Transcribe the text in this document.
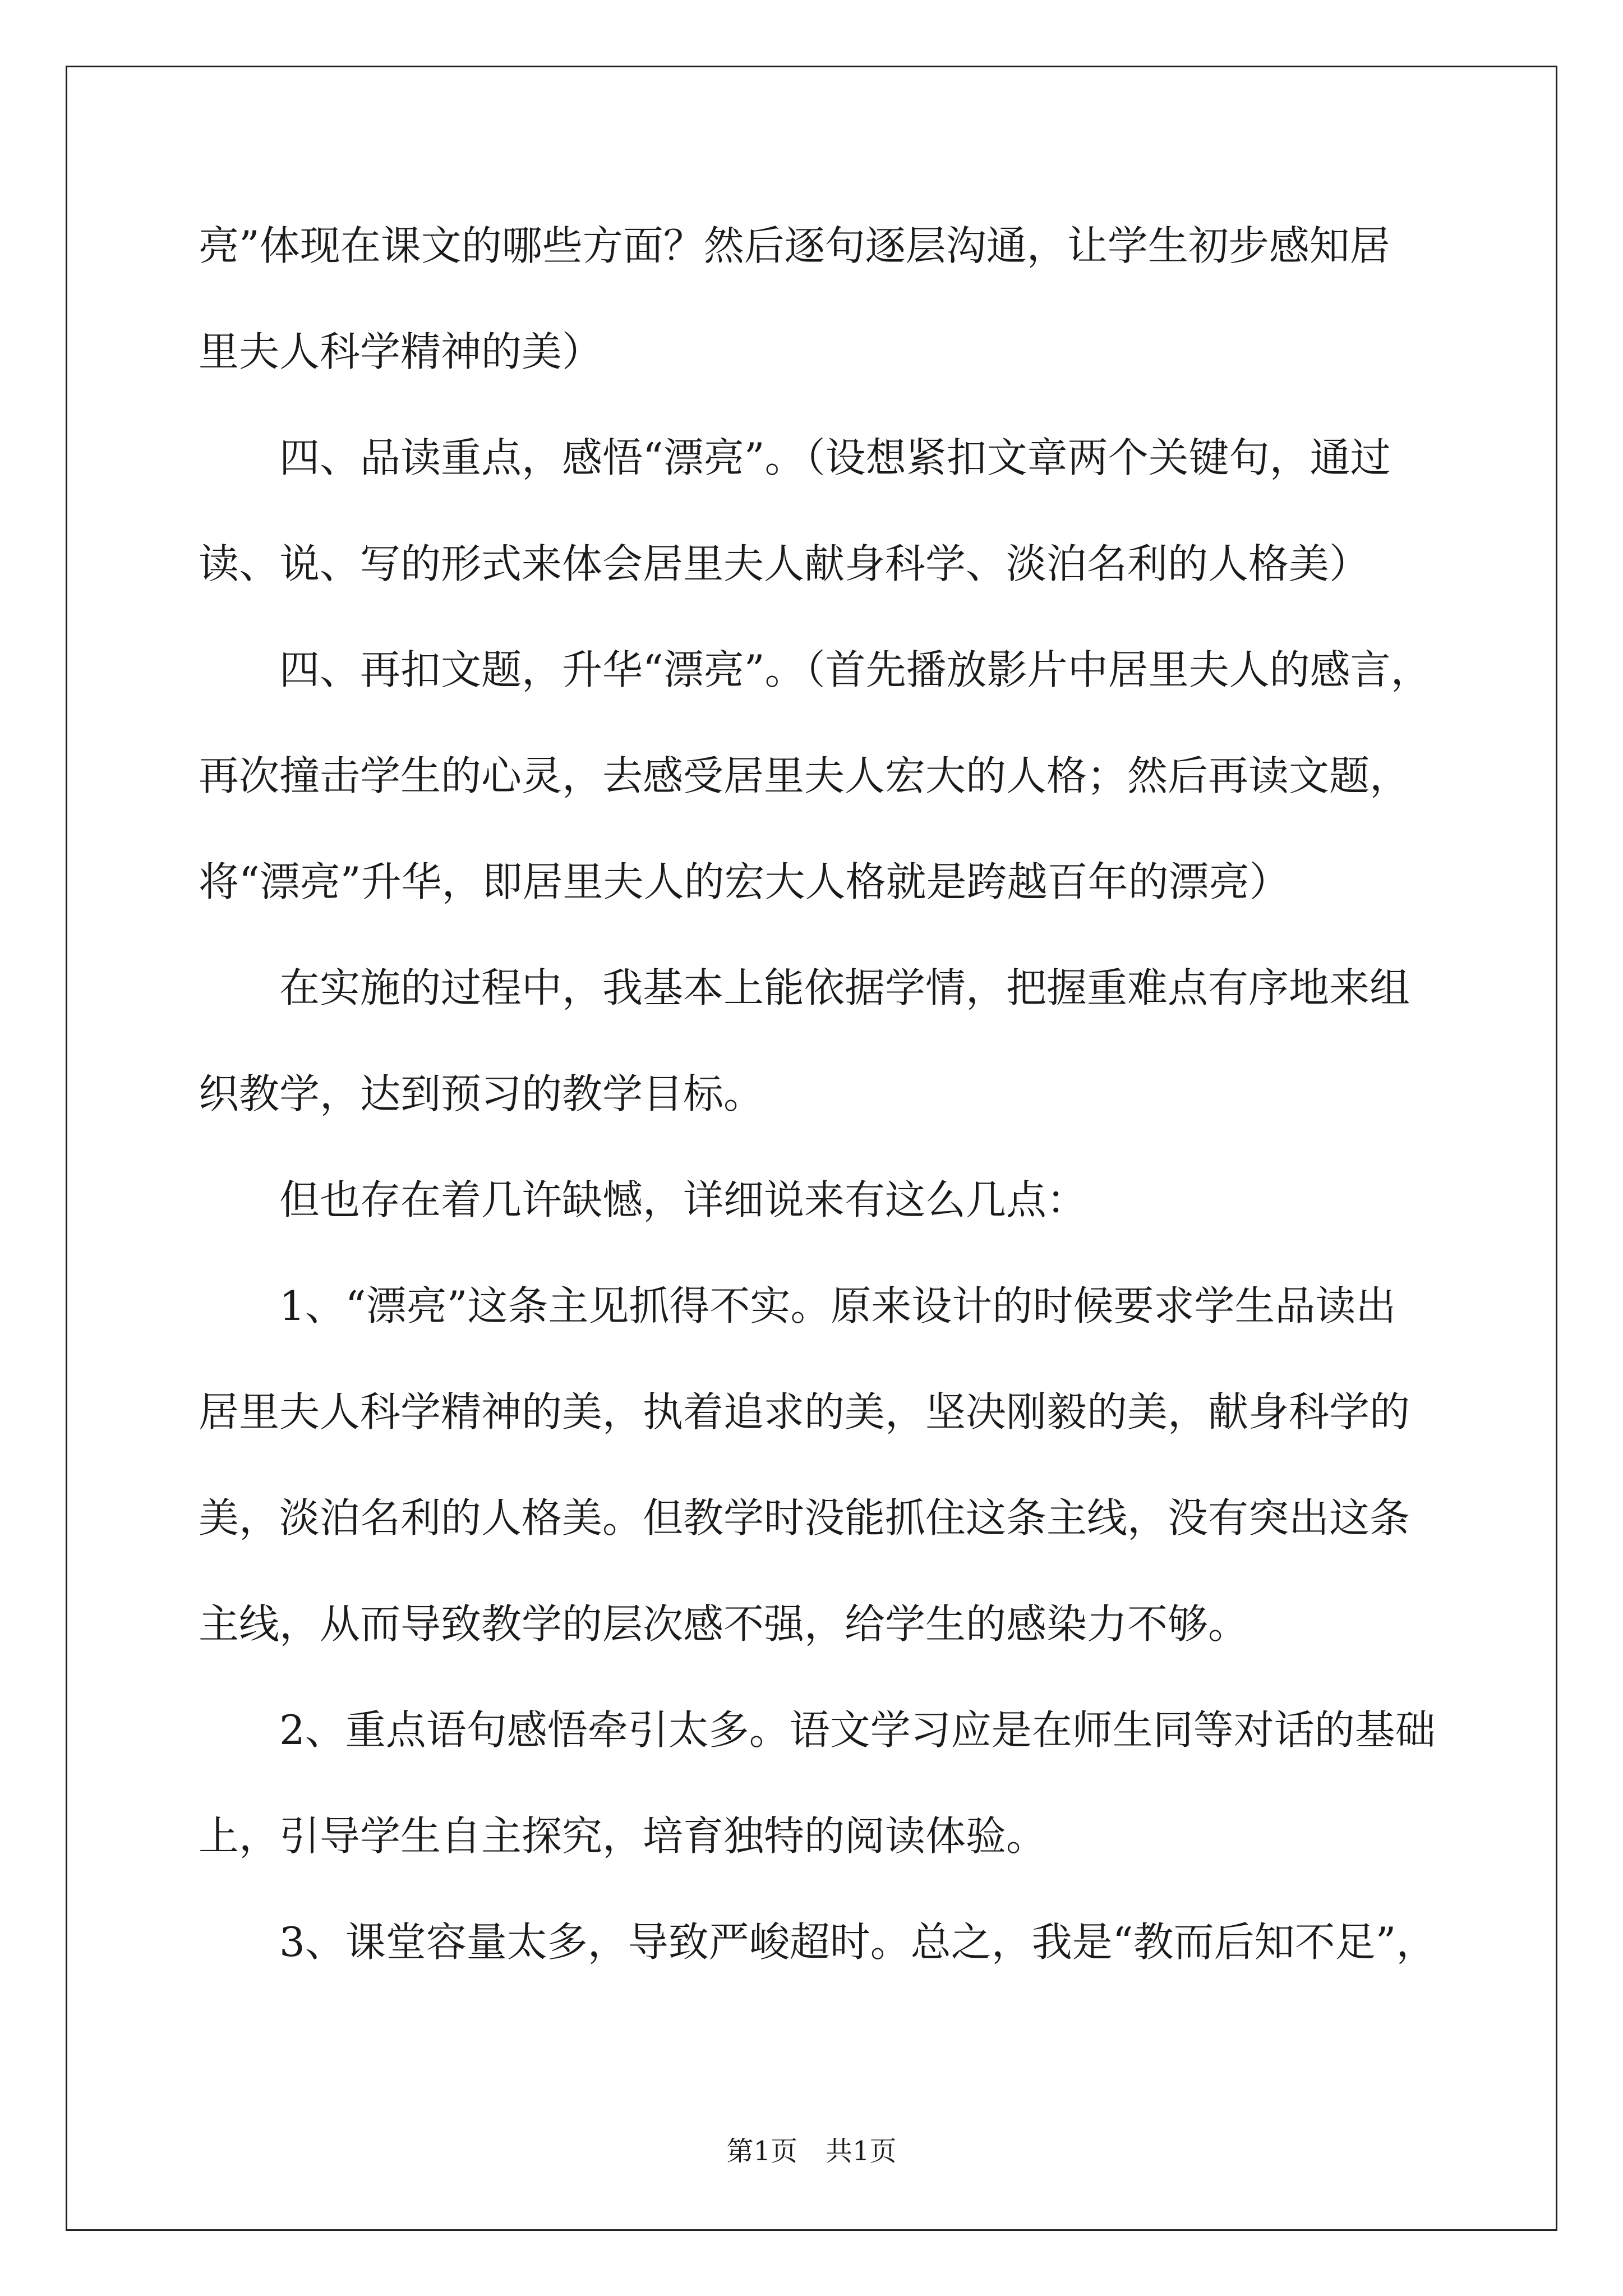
亮”体现在课文的哪些方面？然后逐句逐层沟通，让学生初步感知居
里夫人科学精神的美）
　　四、品读重点，感悟“漂亮”。（设想紧扣文章两个关键句，通过
读、说、写的形式来体会居里夫人献身科学、淡泊名利的人格美）
　　四、再扣文题，升华“漂亮”。（首先播放影片中居里夫人的感言，
再次撞击学生的心灵，去感受居里夫人宏大的人格；然后再读文题，
将“漂亮”升华，即居里夫人的宏大人格就是跨越百年的漂亮）
　　在实施的过程中，我基本上能依据学情，把握重难点有序地来组
织教学，达到预习的教学目标。
　　但也存在着几许缺憾，详细说来有这么几点：
　　1、“漂亮”这条主见抓得不实。原来设计的时候要求学生品读出
居里夫人科学精神的美，执着追求的美，坚决刚毅的美，献身科学的
美，淡泊名利的人格美。但教学时没能抓住这条主线，没有突出这条
主线，从而导致教学的层次感不强，给学生的感染力不够。
　　2、重点语句感悟牵引太多。语文学习应是在师生同等对话的基础
上，引导学生自主探究，培育独特的阅读体验。
　　3、课堂容量太多，导致严峻超时。总之，我是“教而后知不足”，
第1页 共1页
